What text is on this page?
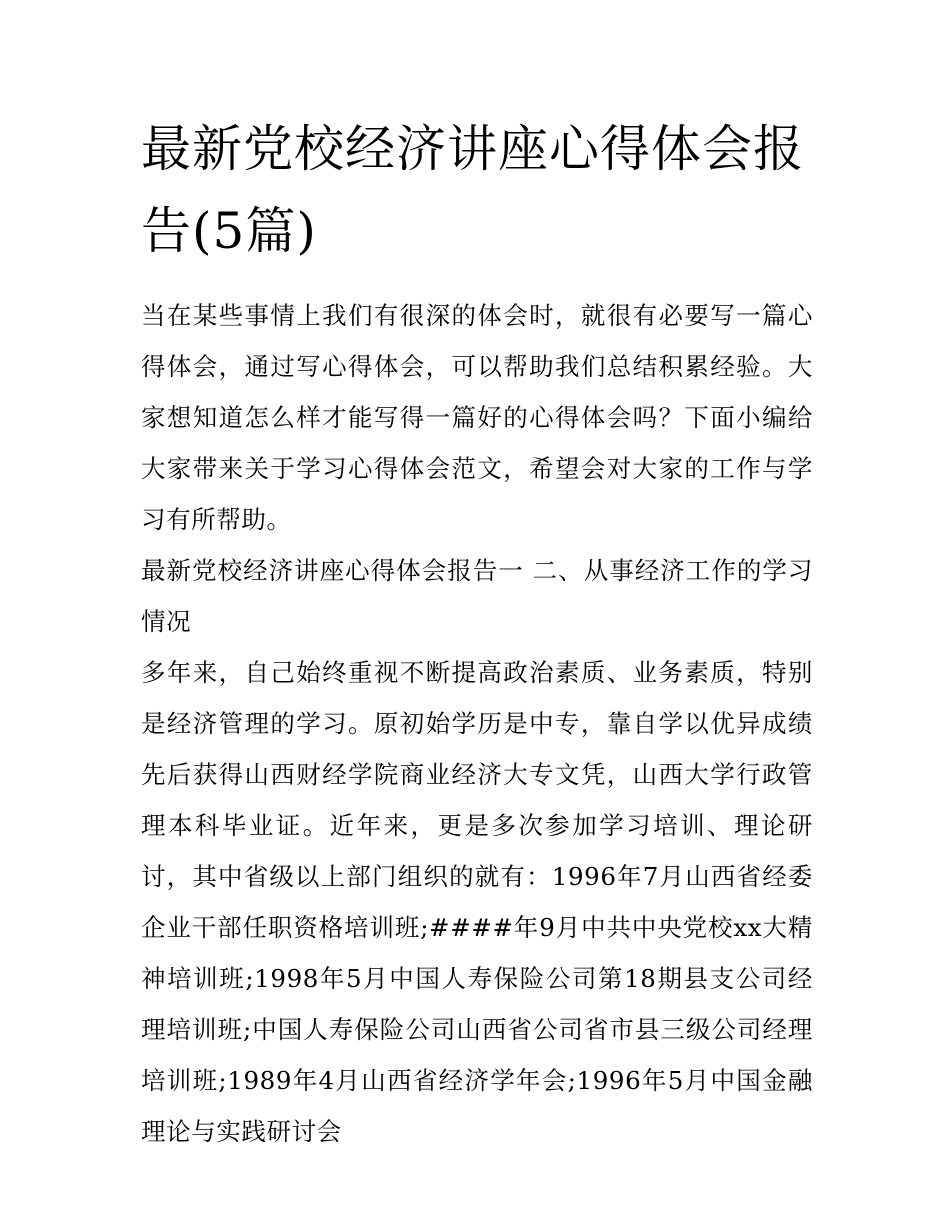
最新党校经济讲座心得体会报告(5篇)

当在某些事情上我们有很深的体会时，就很有必要写一篇心得体会，通过写心得体会，可以帮助我们总结积累经验。大家想知道怎么样才能写得一篇好的心得体会吗？下面小编给大家带来关于学习心得体会范文，希望会对大家的工作与学习有所帮助。

最新党校经济讲座心得体会报告一 二、从事经济工作的学习情况

多年来，自己始终重视不断提高政治素质、业务素质，特别是经济管理的学习。原初始学历是中专，靠自学以优异成绩先后获得山西财经学院商业经济大专文凭，山西大学行政管理本科毕业证。近年来，更是多次参加学习培训、理论研讨，其中省级以上部门组织的就有：1996年7月山西省经委企业干部任职资格培训班;####年9月中共中央党校xx大精神培训班;1998年5月中国人寿保险公司第18期县支公司经理培训班;中国人寿保险公司山西省公司省市县三级公司经理培训班;1989年4月山西省经济学年会;1996年5月中国金融理论与实践研讨会
